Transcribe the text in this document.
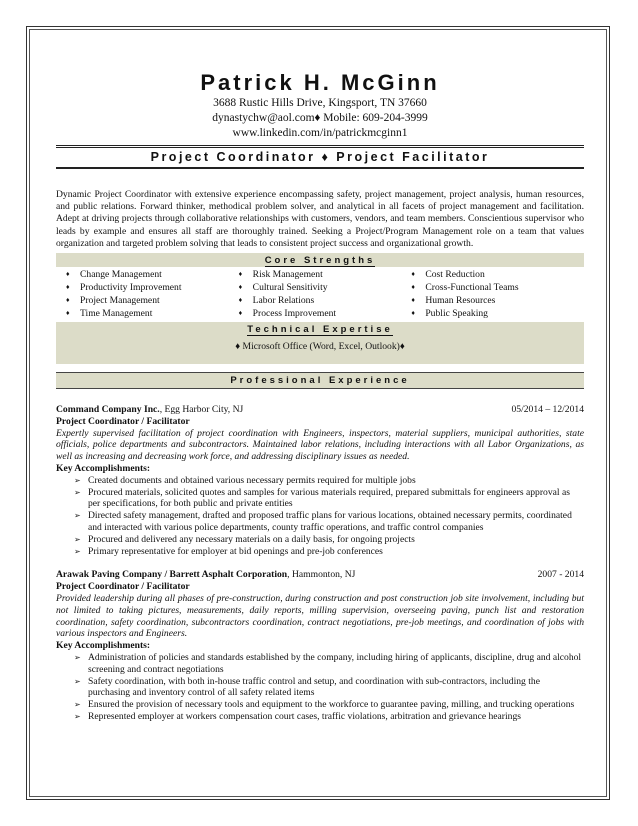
Patrick H. McGinn
3688 Rustic Hills Drive, Kingsport, TN 37660
dynastychw@aol.com♦ Mobile: 609-204-3999
www.linkedin.com/in/patrickmcginn1
Project Coordinator ♦ Project Facilitator
Dynamic Project Coordinator with extensive experience encompassing safety, project management, project analysis, human resources, and public relations. Forward thinker, methodical problem solver, and analytical in all facets of project management and facilitation. Adept at driving projects through collaborative relationships with customers, vendors, and team members. Conscientious supervisor who leads by example and ensures all staff are thoroughly trained. Seeking a Project/Program Management role on a team that values organization and targeted problem solving that leads to consistent project success and organizational growth.
Core Strengths
♦ Change Management
♦ Productivity Improvement
♦ Project Management
♦ Time Management
♦ Risk Management
♦ Cultural Sensitivity
♦ Labor Relations
♦ Process Improvement
♦ Cost Reduction
♦ Cross-Functional Teams
♦ Human Resources
♦ Public Speaking
Technical Expertise
♦ Microsoft Office (Word, Excel, Outlook)♦
Professional Experience
Command Company Inc., Egg Harbor City, NJ	05/2014 – 12/2014
Project Coordinator / Facilitator
Expertly supervised facilitation of project coordination with Engineers, inspectors, material suppliers, municipal authorities, state officials, police departments and subcontractors. Maintained labor relations, including interactions with all Labor Organizations, as well as increasing and decreasing work force, and addressing disciplinary issues as needed.
Key Accomplishments:
➢ Created documents and obtained various necessary permits required for multiple jobs
➢ Procured materials, solicited quotes and samples for various materials required, prepared submittals for engineers approval as per specifications, for both public and private entities
➢ Directed safety management, drafted and proposed traffic plans for various locations, obtained necessary permits, coordinated and interacted with various police departments, county traffic operations, and traffic control companies
➢ Procured and delivered any necessary materials on a daily basis, for ongoing projects
➢ Primary representative for employer at bid openings and pre-job conferences
Arawak Paving Company / Barrett Asphalt Corporation, Hammonton, NJ	2007 - 2014
Project Coordinator / Facilitator
Provided leadership during all phases of pre-construction, during construction and post construction job site involvement, including but not limited to taking pictures, measurements, daily reports, milling supervision, overseeing paving, punch list and restoration coordination, safety coordination, subcontractors coordination, contract negotiations, pre-job meetings, and coordination of jobs with various inspectors and Engineers.
Key Accomplishments:
➢ Administration of policies and standards established by the company, including hiring of applicants, discipline, drug and alcohol screening and contract negotiations
➢ Safety coordination, with both in-house traffic control and setup, and coordination with sub-contractors, including the purchasing and inventory control of all safety related items
➢ Ensured the provision of necessary tools and equipment to the workforce to guarantee paving, milling, and trucking operations
➢ Represented employer at workers compensation court cases, traffic violations, arbitration and grievance hearings
